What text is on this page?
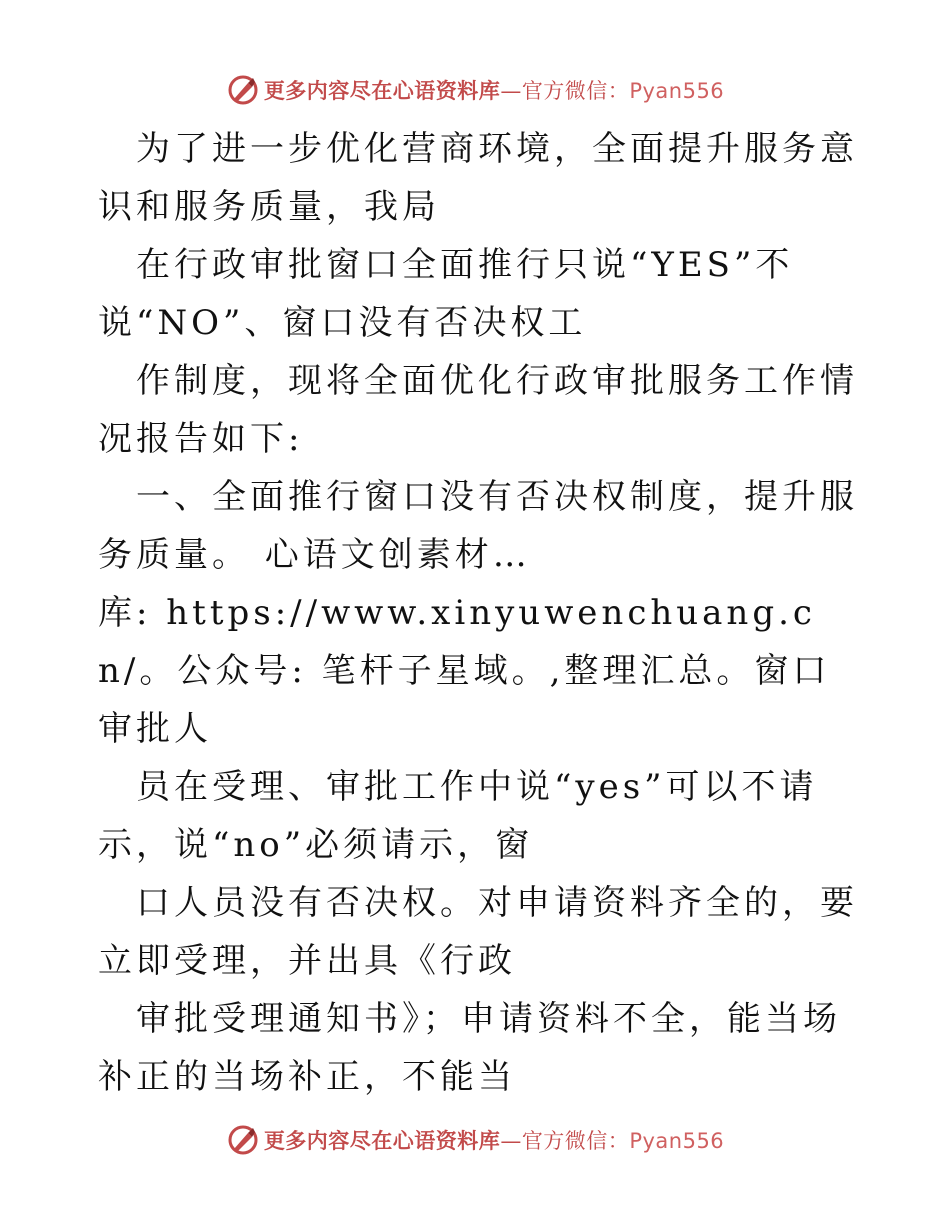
更多内容尽在心语资料库—官方微信：Pyan556

为了进一步优化营商环境，全面提升服务意识和服务质量，我局

在行政审批窗口全面推行只说“YES”不

说“NO”、窗口没有否决权工

作制度，现将全面优化行政审批服务工作情况报告如下:

一、全面推行窗口没有否决权制度，提升服务质量。 心语文创素材…

库: https://www.xinyuwenchuang.cn/。公众号: 笔杆子星域。,整理汇总。窗口审批人

员在受理、审批工作中说“yes”可以不请示，说“no”必须请示，窗

口人员没有否决权。对申请资料齐全的，要立即受理，并出具《行政

审批受理通知书》；申请资料不全，能当场补正的当场补正，不能当

更多内容尽在心语资料库—官方微信：Pyan556
